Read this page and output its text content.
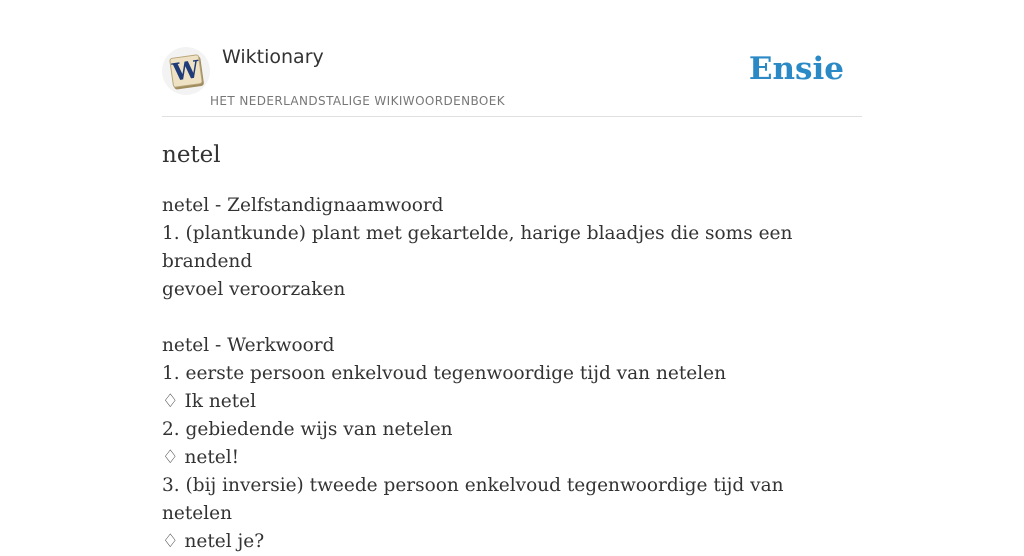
W Wiktionary
HET NEDERLANDSTALIGE WIKIWOORDENBOEK
Ensie
netel

netel - Zelfstandignaamwoord

1. (plantkunde) plant met gekartelde, harige blaadjes die soms een brandend

gevoel veroorzaken

netel - Werkwoord

1. eerste persoon enkelvoud tegenwoordige tijd van netelen

♢ Ik netel

2. gebiedende wijs van netelen

♢ netel!

3. (bij inversie) tweede persoon enkelvoud tegenwoordige tijd van netelen

♢ netel je?
